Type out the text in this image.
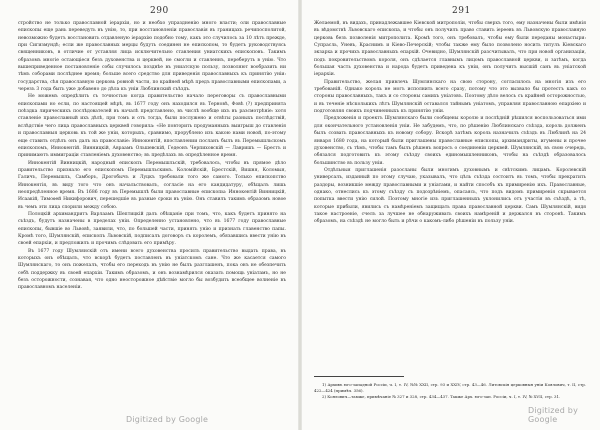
290

стройство не только православной іерархіи, но и необхо упраздненію много власти; оли православные епископы еще рань переведуть въ унію, то, при восстановленіи православія въ границахъ речипосполитой, невозможно будетъ восстановить отдавленую іерархію подобно тому, какъ это случилось за 10 лѣтъ прежде, при Сигизмундѣ; если же православных мерцы будуть соединен не епископом, то будетъ руководствуясь священниковъ, в отличие от уставляя лица исключительно ставления униатскихъ епископовъ. Такимъ образомъ многіе остающіеся безъ духовенства и церквей, не смогли и ставленнъ, переберуть в унію. Что вышеприведенное постановленіе собы случилось позднѣе въ униатскую пользу, позволяют вообразить ни тѣмъ соборами послѣднее время; больше всего средство для приведенія православныхъ къ принятію уніи: государства, сѣя православную церковь ровной части, по крайней мѣрѣ предъ православными епископами, а черезъ 3 года быть уже добавено до дѣла къ уніи Люблинский съѣздъ.

Не можемъ опредѣлить съ точностью когда правительство начало переговоры съ православными епископами но если, по настоящей мѣрѣ, въ 1677 году онъ находился въ Терновѣ, Фовѣ (?) предпринята поѣздка лирическихъ послѣдователей въ началѣ представлено, въ числѣ вообще ихъ въ разсмотрѣніе: хотя ставленіе православный ихъ дѣлѣ, при томъ и отъ тогда, были послужено и отвѣты разныхъ послѣдствій, вслѣдствіе чего лица православныхъ церквей говорила: «Не повторить продуманныхъ выигрыш до ставленія и православныя церковь къ той же уніи, которыхъ, сравнимо, прорублено изъ какою нами новой, по-этому еще ставить отдѣлъ онъ далъ на православіе: Иннокентій, впоставлении посланъ былъ въ Перемышльскомъ епископомъ, Иннокентій. Винницкій, Авраамъ Ольшевскій, Гедеонъ Черпиховскій — Лавришъ — Брестъ и принимаютъ иммиграціи ставленіемъ духовенство; въ предѣлахъ въ опредѣленное время.

Иннокентій Винницкій, народный епископъ Перемышльскій, требовалось, чтобы въ прямое дѣло правительство признало его епископомъ Перемышльскимъ. Коломійскій, Брестскій, Вишня, Коломыя, Галичъ, Перемышль, Самборъ, Дрогобычъ и Луцкъ требовали того же самого. Только епископство Иннокентія, въ виду того что онъ начальствовалъ, согласіе на его кандидатуру, обѣщалъ лишь неопредѣленное время. Въ 1686 году въ Перемышлѣ были православные епископы: Иннокентій Винницкій, Исаакій, Тимоѳей Никифорович, перешедшіе въ разные сроки въ унію. Онъ ставилъ такимъ образомъ новое въ чемъ эти лица спорили между собою.

Полоцкій архимандритъ Варлаамъ Шептицкій далъ обѣщаніе при томъ, что, какъ будетъ принято на съѣздъ, будутъ назначены в пределах уніи. Определенно установлено, что въ 1677 году православные епископы, бывшіе во Львовѣ, заявили, что, по большей части, принять унію и признать главенство папы. Кромѣ того, Шумлянскій, епископъ Львовскій, подписалъ договоръ съ королемъ, обязавшись ввести унію въ своей епархіи, и предложилъ и прочимъ слѣдовать его примѣру.

Въ 1677 году Шумлянскій отъ имени всего духовенства просилъ правительство выдать права, въ которыхъ онъ обѣщалъ, что вскорѣ будетъ поставленъ въ уніатскомъ сане. Что же касается самого Шумлянскаго, то онъ пожелалъ, чтобы его переходъ въ унію не былъ разглашенъ, пока онъ не обезпечить себѣ поддержку въ своей епархіи. Такимъ образомъ, и онъ вознамѣрился оказать помощь уніатамъ, но не безъ осторожности, сознавая, что одно неосторожное дѣйствіе могло бы возбудить всеобщее волненіе въ православномъ населеніи.

Digitized by Google
291

Желаемой, въ видахъ, принадлежавшее Кіевской митрополіи, чтобы сверхъ того, ему назначены были имѣнія въ вѣдомствѣ Львовскаго епископа, и чтобы онъ получилъ право ставить іереевъ въ Львовскую православную церковь безъ позволенія митрополита. Кромѣ того, онъ требовалъ, чтобы ему были переданы монастыри: Супрасль, Уневъ, Краснимъ и Кіево-Печерскій; чтобы также ему было позволено носить титулъ Кіевскаго экзарха и прочихъ православныхъ епархій. Очевидно, Шумлянскій разсчитывалъ, что при новой организаціи, подъ покровительствомъ короля, онъ сдѣлается главнымъ лицомъ православной церкви, и затѣмъ, когда большая часть духовенства и народа будетъ приведена къ уніи, онъ получитъ высшій санъ въ уніатской іерархіи.

Правительство, желая привлечь Шумлянскаго на свою сторону, согласилось на многія изъ его требованій. Однако король не могъ исполнить всего сразу, потому что это вызвало бы протестъ какъ со стороны православныхъ, такъ и со стороны самихъ уніатовъ. Поэтому дѣло велось съ крайней осторожностью, и въ теченіе нѣсколькихъ лѣтъ Шумлянскій оставался тайнымъ уніатомъ, управляя православною епархіею и подготовляя своихъ подчиненныхъ къ принятію уніи.

Предложенія и проектъ Шумлянскаго были сообщены королю и послѣдній рѣшился воспользоваться ими для окончательного установленія уніи. Не забудемъ, что, по рѣшенію Люблинскаго съѣзда, король долженъ былъ созвать православныхъ къ новому собору. Вскорѣ затѣмъ король назначилъ съѣздъ въ Люблинѣ на 24 января 1680 года, на который были приглашены православные епископы, архимандриты, игумены и прочее духовенство, съ тѣмъ, чтобы тамъ былъ рѣшенъ вопросъ о соединеніи церквей. Шумлянскій, въ свою очередь, обязался подготовить къ этому съѣзду своихъ единомышленниковъ, чтобы на съѣздѣ образовалось большинство въ пользу уніи.

Отдѣльныя приглашенія разосланы были многимъ духовнымъ и свѣтскимъ лицамъ. Королевскій универсалъ, изданный по этому случаю, указывалъ, что цѣль съѣзда состоитъ въ томъ, чтобы прекратить раздоры, возникшіе между православными и уніатами, и найти способъ къ примиренію ихъ. Православные, однако, отнеслись къ этому съѣзду съ подозрѣніемъ, опасаясь, что подъ видомъ примиренія скрывается попытка ввести унію силой. Поэтому многіе изъ приглашенныхъ уклонились отъ участія въ съѣздѣ, а тѣ, которые прибыли, явились съ намѣреніемъ защищать права православной церкви. Самъ Шумлянскій, видя такое настроеніе, счелъ за лучшее не обнаруживать своихъ намѣреній и держался въ сторонѣ. Такимъ образомъ, на съѣздѣ не могло быть и рѣчи о какомъ-либо рѣшеніи въ пользу уніи.

1) Архивъ юго-западной Россіи, ч. I, т. IV, №№ XXII, стр. 93 и XXIV, стр. 43—46. Литовскія церковныя уніи Коялович, т. II, стр. 422—424 (примѣч. 356).

2) Коялович—тамже, примѣчаніе № 327 и 328, стр. 434—437. Также Арх. юго-зап. Россіи, ч. I, т. IV, № XVII, стр. 31.

Digitized by Google
